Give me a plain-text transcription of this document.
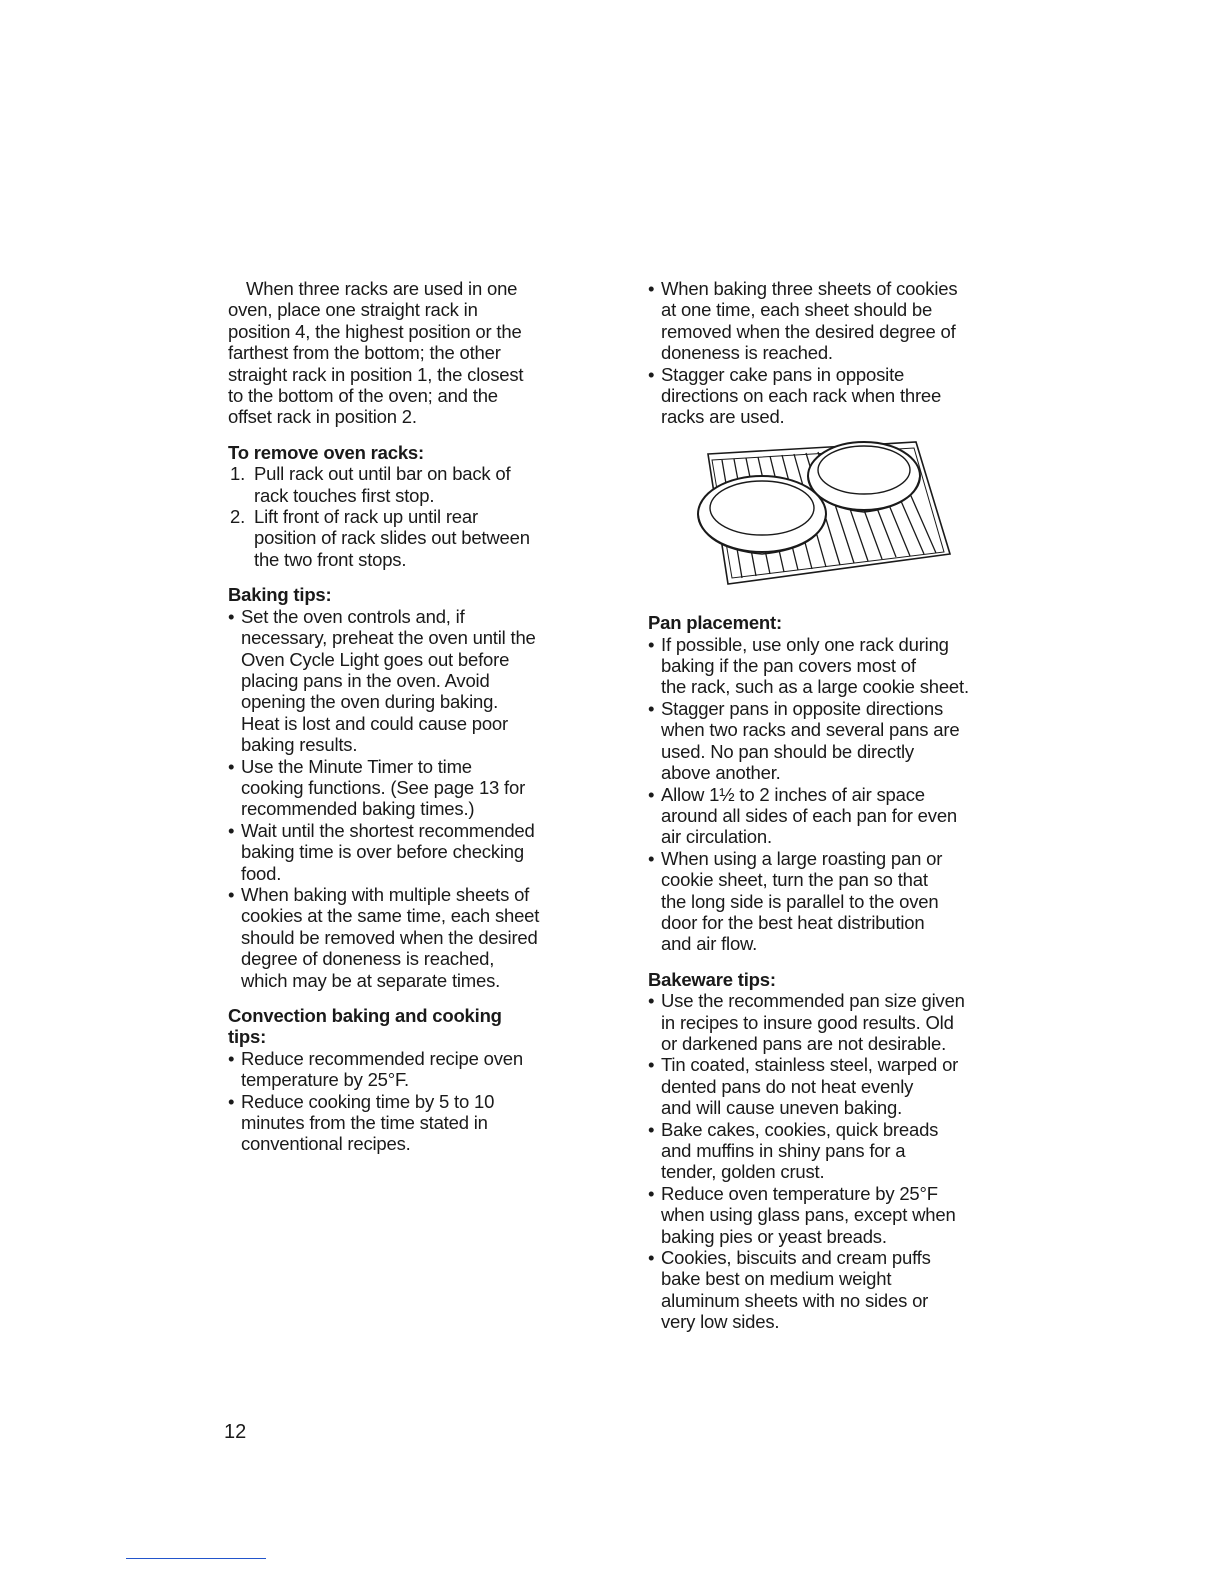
When three racks are used in one
oven, place one straight rack in
position 4, the highest position or the
farthest from the bottom; the other
straight rack in position 1, the closest
to the bottom of the oven; and the
offset rack in position 2.
To remove oven racks:
1. Pull rack out until bar on back of
rack touches first stop.
2. Lift front of rack up until rear
position of rack slides out between
the two front stops.
Baking tips:
• Set the oven controls and, if
necessary, preheat the oven until the
Oven Cycle Light goes out before
placing pans in the oven. Avoid
opening the oven during baking.
Heat is lost and could cause poor
baking results.
• Use the Minute Timer to time
cooking functions. (See page 13 for
recommended baking times.)
• Wait until the shortest recommended
baking time is over before checking
food.
• When baking with multiple sheets of
cookies at the same time, each sheet
should be removed when the desired
degree of doneness is reached,
which may be at separate times.
Convection baking and cooking
tips:
• Reduce recommended recipe oven
temperature by 25°F.
• Reduce cooking time by 5 to 10
minutes from the time stated in
conventional recipes.
• When baking three sheets of cookies
at one time, each sheet should be
removed when the desired degree of
doneness is reached.
• Stagger cake pans in opposite
directions on each rack when three
racks are used.
Pan placement:
• If possible, use only one rack during
baking if the pan covers most of
the rack, such as a large cookie sheet.
• Stagger pans in opposite directions
when two racks and several pans are
used. No pan should be directly
above another.
• Allow 1½ to 2 inches of air space
around all sides of each pan for even
air circulation.
• When using a large roasting pan or
cookie sheet, turn the pan so that
the long side is parallel to the oven
door for the best heat distribution
and air flow.
Bakeware tips:
• Use the recommended pan size given
in recipes to insure good results. Old
or darkened pans are not desirable.
• Tin coated, stainless steel, warped or
dented pans do not heat evenly
and will cause uneven baking.
• Bake cakes, cookies, quick breads
and muffins in shiny pans for a
tender, golden crust.
• Reduce oven temperature by 25°F
when using glass pans, except when
baking pies or yeast breads.
• Cookies, biscuits and cream puffs
bake best on medium weight
aluminum sheets with no sides or
very low sides.
12
